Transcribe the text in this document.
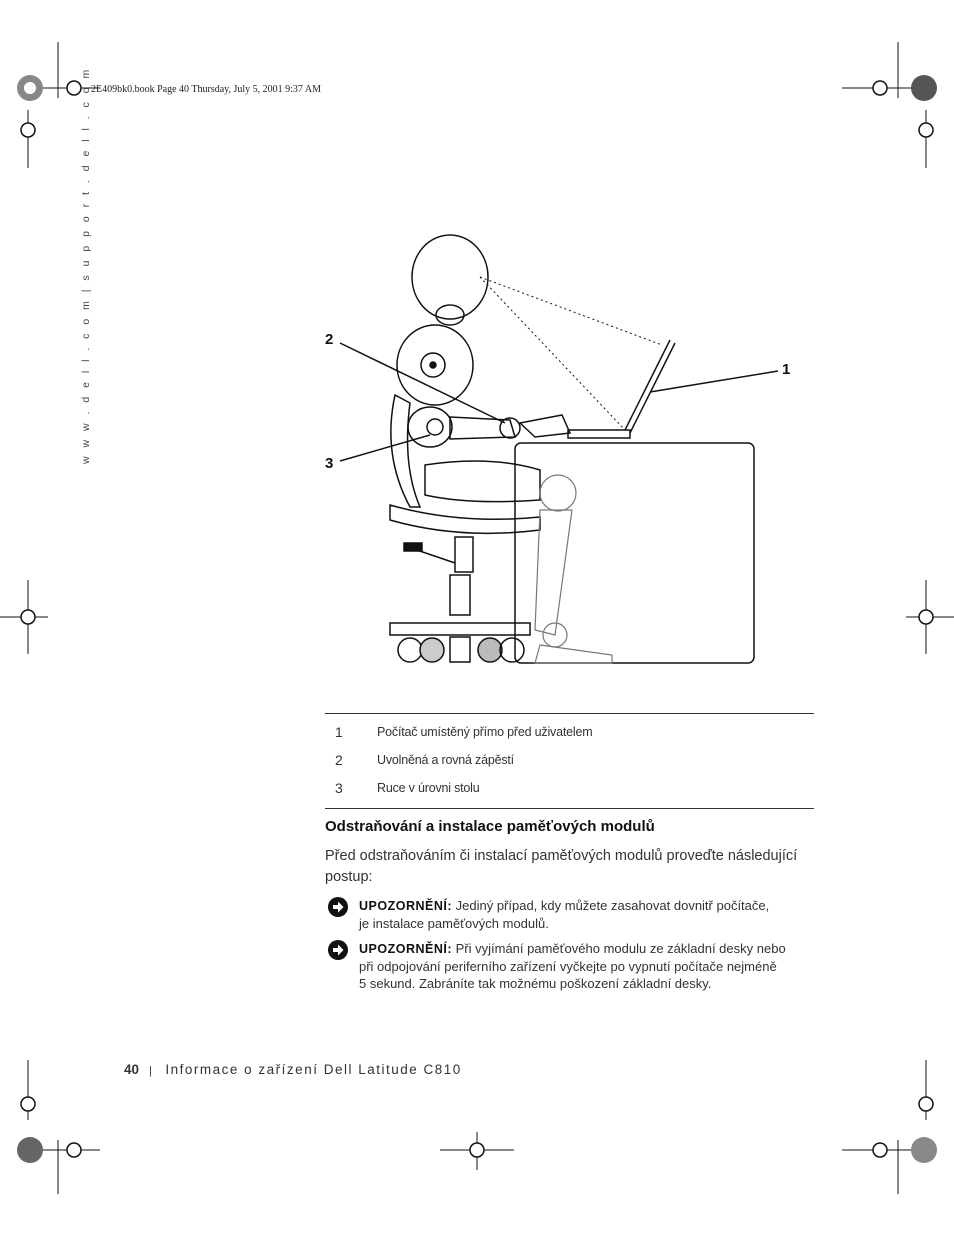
2E409bk0.book Page 40 Thursday, July 5, 2001 9:37 AM
w w w . d e l l . c o m | s u p p o r t . d e l l . c o m	1
2
3
1	Počítač umístěný přímo před uživatelem
2	Uvolněná a rovná zápěstí
3	Ruce v úrovni stolu
Odstraňování a instalace paměťových modulů
Před odstraňováním či instalací paměťových modulů proveďte následující postup:
UPOZORNĚNÍ: Jediný případ, kdy můžete zasahovat dovnitř počítače,
je instalace paměťových modulů.
UPOZORNĚNÍ: Při vyjímání paměťového modulu ze základní desky nebo
při odpojování periferního zařízení vyčkejte po vypnutí počítače nejméně
5 sekund. Zabráníte tak možnému poškození základní desky.
40 | Informace o zařízení Dell Latitude C810
